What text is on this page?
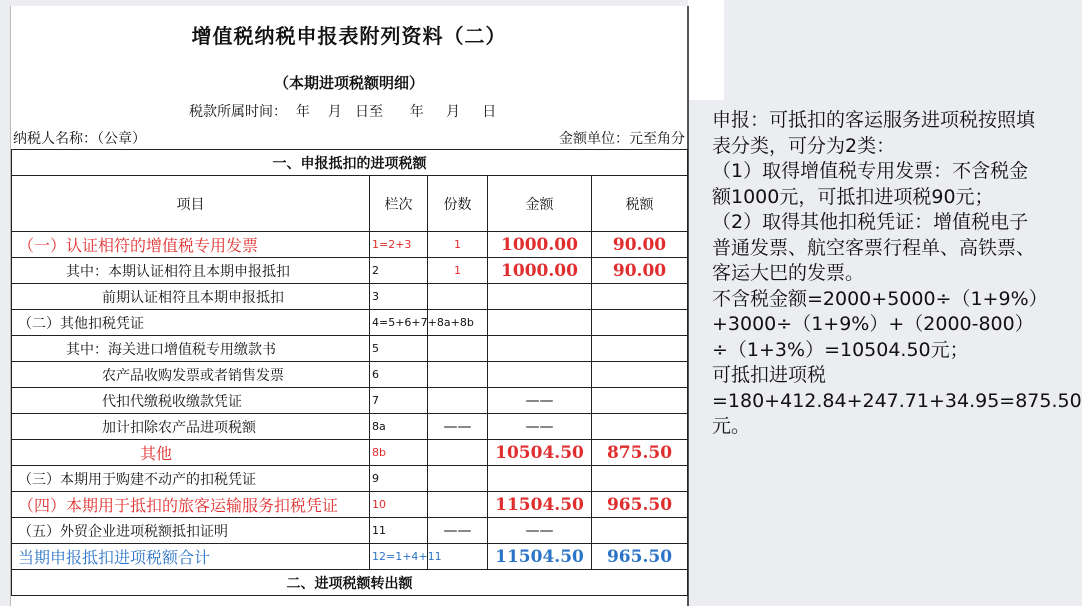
增值税纳税申报表附列资料（二）
（本期进项税额明细）
税款所属时间：  年    月   日至      年     月     日
纳税人名称：（公章）	金额单位：元至角分
一、申报抵扣的进项税额				
项目	栏次	份数	金额	税额
（一）认证相符的增值税专用发票	1=2+3	1	1000.00	90.00
其中：本期认证相符且本期申报抵扣	2	1	1000.00	90.00
前期认证相符且本期申报抵扣	3			
（二）其他扣税凭证	4=5+6+7+8a+8b			
其中：海关进口增值税专用缴款书	5			
农产品收购发票或者销售发票	6			
代扣代缴税收缴款凭证	7		——	
加计扣除农产品进项税额	8a	——	——	
其他	8b		10504.50	875.50
（三）本期用于购建不动产的扣税凭证	9			
（四）本期用于抵扣的旅客运输服务扣税凭证	10		11504.50	965.50
（五）外贸企业进项税额抵扣证明	11	——	——	
当期申报抵扣进项税额合计	12=1+4+11		11504.50	965.50
二、进项税额转出额				

申报：可抵扣的客运服务进项税按照填表分类，可分为2类：

（1）取得增值税专用发票：不含税金额1000元，可抵扣进项税90元；

（2）取得其他扣税凭证：增值税电子普通发票、航空客票行程单、高铁票、客运大巴的发票。

不含税金额=2000+5000÷（1+9%）+3000÷（1+9%）+（2000-800）÷（1+3%）=10504.50元；

可抵扣进项税=180+412.84+247.71+34.95=875.50元。
